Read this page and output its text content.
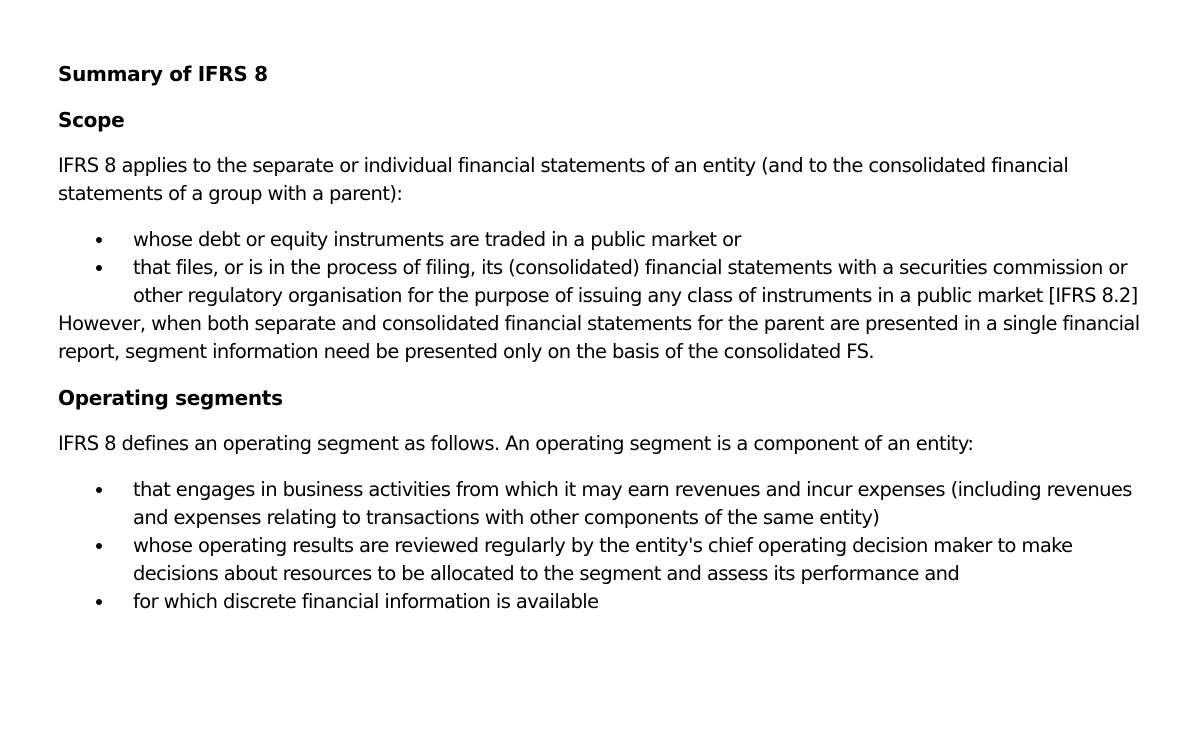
Summary of IFRS 8
Scope

IFRS 8 applies to the separate or individual financial statements of an entity (and to the consolidated financial statements of a group with a parent):

whose debt or equity instruments are traded in a public market or
that files, or is in the process of filing, its (consolidated) financial statements with a securities commission or other regulatory organisation for the purpose of issuing any class of instruments in a public market [IFRS 8.2]

However, when both separate and consolidated financial statements for the parent are presented in a single financial report, segment information need be presented only on the basis of the consolidated FS.

Operating segments

IFRS 8 defines an operating segment as follows. An operating segment is a component of an entity:

that engages in business activities from which it may earn revenues and incur expenses (including revenues and expenses relating to transactions with other components of the same entity)
whose operating results are reviewed regularly by the entity's chief operating decision maker to make decisions about resources to be allocated to the segment and assess its performance and
for which discrete financial information is available
